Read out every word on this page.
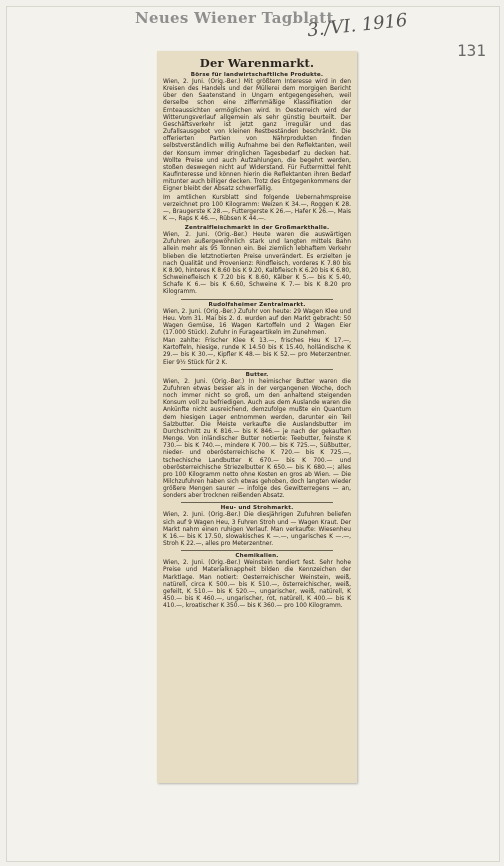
Neues Wiener Tagblatt
3./VI. 1916
131
Der Warenmarkt.
Börse für landwirtschaftliche Produkte.

Wien, 2. Juni. (Orig.-Ber.) Mit größtem Interesse wird in den Kreisen des Handels und der Müllerei dem morgigen Bericht über den Saatenstand in Ungarn entgegengesehen, weil derselbe schon eine ziffernmäßige Klassifikation der Ernteaussichten ermöglichen wird. In Oesterreich wird der Witterungsverlauf allgemein als sehr günstig beurteilt. Der Geschäftsverkehr ist jetzt ganz irregulär und das Zufallsausgebot von kleinen Restbeständen beschränkt. Die offerierten Partien von Nährprodukten finden selbstverständlich willig Aufnahme bei den Reflektanten, weil der Konsum immer dringlichen Tagesbedarf zu decken hat. Wollte Preise und auch Aufzahlungen, die begehrt werden, stoßen deswegen nicht auf Widerstand. Für Futtermittel fehlt Kaufinteresse und können hierin die Reflektanten ihren Bedarf mitunter auch billiger decken. Trotz des Entgegenkommens der Eigner bleibt der Absatz schwerfällig.

Im amtlichen Kursblatt sind folgende Uebernahmspreise verzeichnet pro 100 Kilogramm: Weizen K 34.—, Roggen K 28.—, Braugerste K 28.—, Futtergerste K 26.—, Hafer K 26.—, Mais K —, Raps K 46.—, Rübsen K 44.—.

Zentralfleischmarkt in der Großmarkthalle.

Wien, 2. Juni. (Orig.-Ber.) Heute waren die auswärtigen Zufuhren außergewöhnlich stark und langten mittels Bahn allein mehr als 95 Tonnen ein. Bei ziemlich lebhaftem Verkehr blieben die letztnotierten Preise unverändert. Es erzielten je nach Qualität und Provenienz: Rindfleisch, vorderes K 7.80 bis K 8.90, hinteres K 8.60 bis K 9.20, Kalbfleisch K 6.20 bis K 6.80, Schweinefleisch K 7.20 bis K 8.60, Kälber K 5.— bis K 5.40, Schafe K 6.— bis K 6.60, Schweine K 7.— bis K 8.20 pro Kilogramm.

Rudolfsheimer Zentralmarkt.

Wien, 2. Juni. (Orig.-Ber.) Zufuhr von heute: 29 Wagen Klee und Heu. Vom 31. Mai bis 2. d. wurden auf den Markt gebracht: 50 Wagen Gemüse, 16 Wagen Kartoffeln und 2 Wagen Eier (17.000 Stück). Zufuhr in Furageartikeln im Zunehmen.

Man zahlte: Frischer Klee K 13.—, frisches Heu K 17.—, Kartoffeln, hiesige, runde K 14.50 bis K 15.40, holländische K 29.— bis K 30.—, Kipfler K 48.— bis K 52.— pro Meterzentner. Eier 9½ Stück für 2 K.

Butter.

Wien, 2. Juni. (Orig.-Ber.) In heimischer Butter waren die Zufuhren etwas besser als in der vergangenen Woche, doch noch immer nicht so groß, um den anhaltend steigenden Konsum voll zu befriedigen. Auch aus dem Auslande waren die Ankünfte nicht ausreichend, demzufolge mußte ein Quantum dem hiesigen Lager entnommen werden, darunter ein Teil Salzbutter. Die Meiste verkaufte die Auslandsbutter im Durchschnitt zu K 816.— bis K 846.— je nach der gekauften Menge. Von inländischer Butter notierte: Teebutter, feinste K 730.— bis K 740.—, mindere K 700.— bis K 725.—, Süßbutter, nieder- und oberösterreichische K 720.— bis K 725.—, tschechische Landbutter K 670.— bis K 700.— und oberösterreichische Striezelbutter K 650.— bis K 680.—; alles pro 100 Kilogramm netto ohne Kosten en gros ab Wien. — Die Milchzufuhren haben sich etwas gehoben, doch langten wieder größere Mengen saurer — infolge des Gewitterregens — an, sonders aber trocknen reißenden Absatz.

Heu- und Strohmarkt.

Wien, 2. Juni. (Orig.-Ber.) Die diesjährigen Zufuhren beliefen sich auf 9 Wagen Heu, 3 Fuhren Stroh und — Wagen Kraut. Der Markt nahm einen ruhigen Verlauf. Man verkaufte: Wiesenheu K 16.— bis K 17.50, slowakisches K —.—, ungarisches K —.—, Stroh K 22.—, alles pro Meterzentner.

Chemikalien.

Wien, 2. Juni. (Orig.-Ber.) Weinstein tendiert fest. Sehr hohe Preise und Materialknappheit bilden die Kennzeichen der Marktlage. Man notiert: Oesterreichischer Weinstein, weiß, natürell, circa K 500.— bis K 510.—, österreichischer, weiß, gefeilt, K 510.— bis K 520.—, ungarischer, weiß, natürell, K 450.— bis K 460.—, ungarischer, rot, natürell, K 400.— bis K 410.—, kroatischer K 350.— bis K 360.— pro 100 Kilogramm.
